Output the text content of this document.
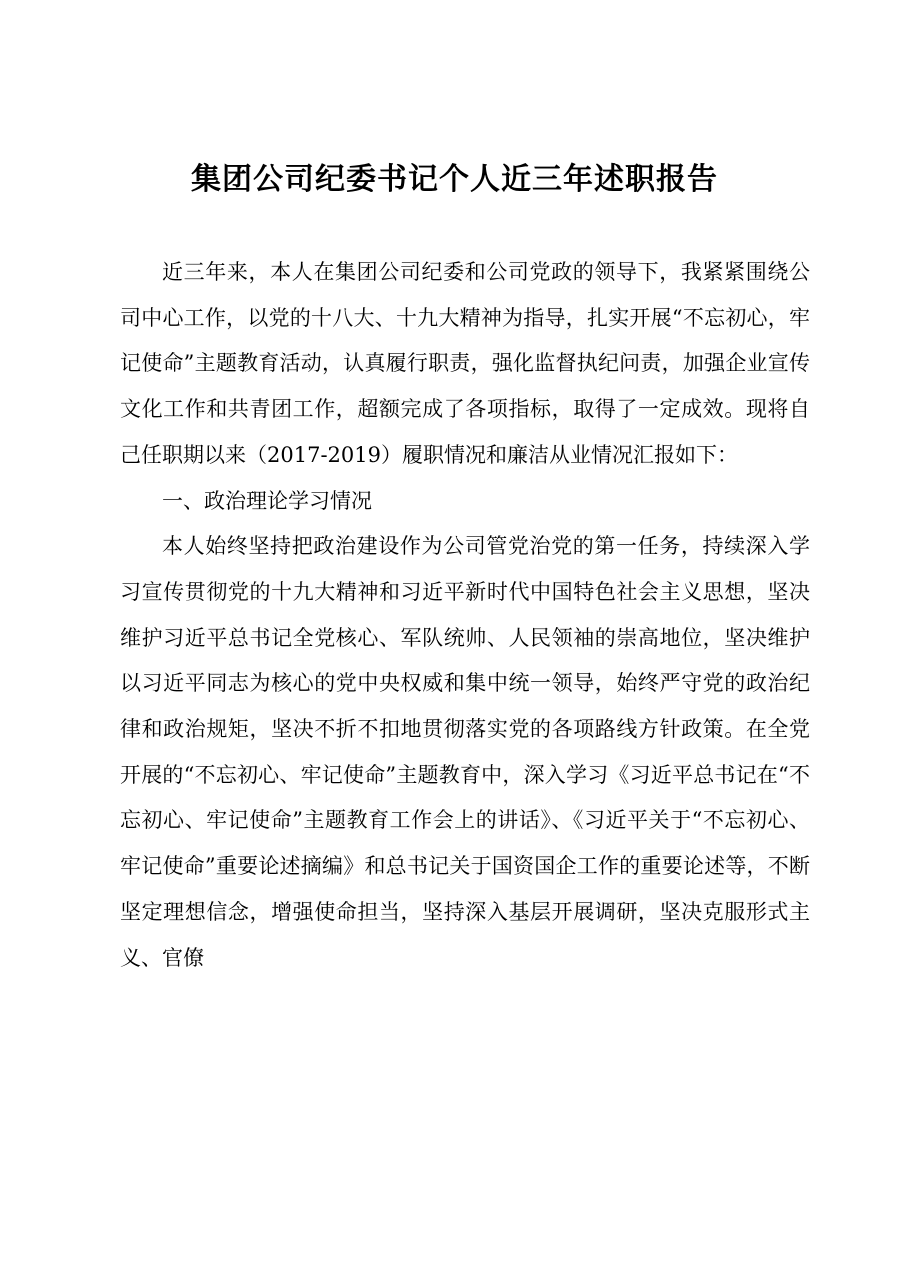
集团公司纪委书记个人近三年述职报告

近三年来，本人在集团公司纪委和公司党政的领导下，我紧紧围绕公司中心工作，以党的十八大、十九大精神为指导，扎实开展“不忘初心，牢记使命”主题教育活动，认真履行职责，强化监督执纪问责，加强企业宣传文化工作和共青团工作，超额完成了各项指标，取得了一定成效。现将自己任职期以来（2017-2019）履职情况和廉洁从业情况汇报如下：

一、政治理论学习情况

本人始终坚持把政治建设作为公司管党治党的第一任务，持续深入学习宣传贯彻党的十九大精神和习近平新时代中国特色社会主义思想，坚决维护习近平总书记全党核心、军队统帅、人民领袖的崇高地位，坚决维护以习近平同志为核心的党中央权威和集中统一领导，始终严守党的政治纪律和政治规矩，坚决不折不扣地贯彻落实党的各项路线方针政策。在全党开展的“不忘初心、牢记使命”主题教育中，深入学习《习近平总书记在“不忘初心、牢记使命”主题教育工作会上的讲话》、《习近平关于“不忘初心、牢记使命”重要论述摘编》和总书记关于国资国企工作的重要论述等，不断坚定理想信念，增强使命担当，坚持深入基层开展调研，坚决克服形式主义、官僚
